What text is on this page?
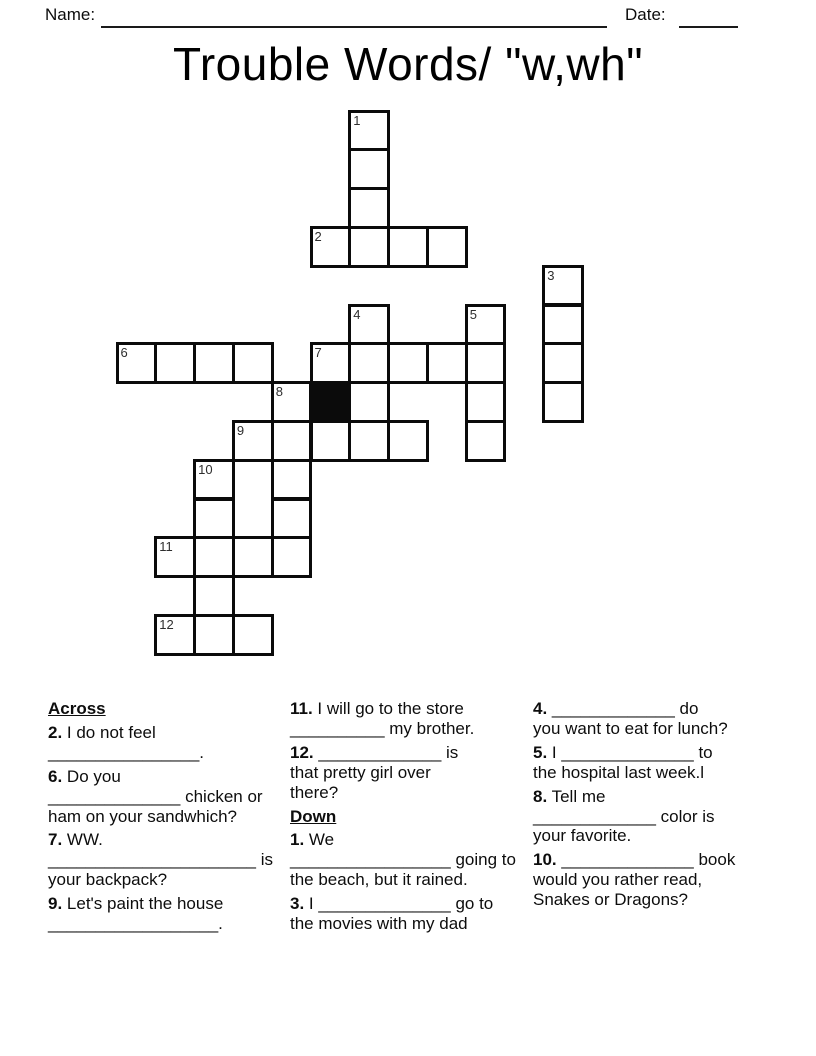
Name:	Date:
Trouble Words/ "w,wh"
1
2
3
4	5
6	7
8
9
10
11
12
Across
2. I do not feel
________________.
6. Do you
______________ chicken or
ham on your sandwhich?
7. WW.
______________________ is
your backpack?
9. Let's paint the house
__________________.
11. I will go to the store
__________ my brother.
12. _____________ is
that pretty girl over
there?
Down
1. We
_________________ going to
the beach, but it rained.
3. I ______________ go to
the movies with my dad
4. _____________ do
you want to eat for lunch?
5. I ______________ to
the hospital last week.l
8. Tell me
_____________ color is
your favorite.
10. ______________ book
would you rather read,
Snakes or Dragons?
